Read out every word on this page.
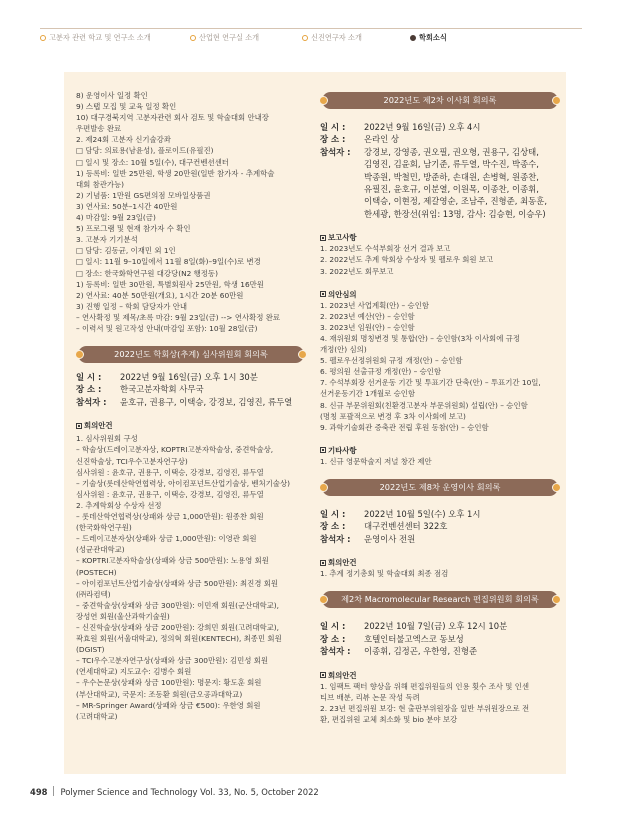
고분자 관련 학교 및 연구소 소개	산업현 연구실 소개	신진연구자 소개	학회소식
8) 운영이사 일정 확인
9) 스탭 모집 및 교육 일정 확인
10) 대구경북지역 고분자관련 회사 검토 및 학술대회 안내장
우편발송 완료
2. 제24회 고분자 신기술강좌
□ 담당: 의료용(남윤성), 플로이드(유필진)
□ 일시 및 장소: 10월 5일(수), 대구컨벤션센터
1) 등록비: 일반 25만원, 학생 20만원(일반 참가자 - 추계학술
대회 참관가능)
2) 기념품: 1만원 GS편의점 모바일상품권
3) 연사료: 50분–1시간 40만원
4) 마감일: 9월 23일(금)
5) 프로그램 및 현재 참가자 수 확인
3. 고분자 기기분석
□ 담당: 김동균, 이재민 외 1인
□ 일시: 11월 9–10일에서 11월 8일(화)–9일(수)로 변경
□ 장소: 한국화학연구원 대강당(N2 행정동)
1) 등록비: 일반 30만원, 특별회원사 25만원, 학생 16만원
2) 연사료: 40분 50만원(개요), 1시간 20분 60만원
3) 진행 일정 – 학회 담당자가 안내
– 연사확정 및 제목/초록 마감: 9월 23일(금) --> 연사확정 완료
– 이력서 및 원고작성 안내(마감일 포함): 10월 28일(금)
2022년도 학회상(추계) 심사위원회 회의록
일 시 : 2022년 9월 16일(금) 오후 1시 30분
장 소 : 한국고분자학회 사무국
참석자 : 윤호규, 권용구, 이택승, 강경보, 김영진, 류두열
회의안건
1. 심사위원회 구성
– 학술상(드레이고분자상, KOPTRI고분자학술상, 중견학술상,
신진학술상, TCI우수고분자연구상)
심사위원 : 윤호규, 권용구, 이택승, 강경보, 김영진, 류두열
– 기술상(롯데산학연협력상, 아이컴포넌트산업기술상, 벤처기술상)
심사위원 : 윤호규, 권용구, 이택승, 강경보, 김영진, 류두열
2. 추계학회상 수상자 선정
– 롯데산학연협력상(상패와 상금 1,000만원): 원종찬 회원
(한국화학연구원)
– 드레이고분자상(상패와 상금 1,000만원): 이영관 회원
(성균관대학교)
– KOPTRI고분자학술상(상패와 상금 500만원): 노용영 회원
(POSTECH)
– 아이컴포넌트산업기술상(상패와 상금 500만원): 최진경 회원
(㈜라컴텍)
– 중견학술상(상패와 상금 300만원): 이민재 회원(군산대학교),
장성연 회원(울산과학기술원)
– 신진학술상(상패와 상금 200만원): 강희민 회원(고려대학교),
곽효원 회원(서울대학교), 정의혁 회원(KENTECH), 최종민 회원
(DGIST)
– TCI우수고분자연구상(상패와 상금 300만원): 김민성 회원
(연세대학교) 지도교수: 김병수 회원
– 우수논문상(상패와 상금 100만원): 명문지: 황도훈 회원
(부산대학교), 국문지: 조동환 회원(금오공과대학교)
– MR-Springer Award(상패와 상금 €500): 우한영 회원
(고려대학교)
2022년도 제2차 이사회 회의록
일 시 : 2022년 9월 16일(금) 오후 4시
장 소 : 온라인 상
참석자 : 강경보, 강영종, 권오필, 권오형, 권용구, 김상태,
김영진, 김윤회, 남기준, 류두열, 박수진, 박종수,
박종원, 박철민, 방준하, 손대원, 손병혁, 원종찬,
유필진, 윤호규, 이분열, 이원목, 이종찬, 이종휘,
이택승, 이현정, 제갈영순, 조남주, 진형준, 최동훈,
한세광, 한장선(위임: 13명, 감사: 김승현, 이승우)
보고사항
1. 2023년도 수석부회장 선거 결과 보고
2. 2022년도 추계 학회상 수상자 및 펠로우 회원 보고
3. 2022년도 회무보고
의안심의
1. 2023년 사업계획(안) – 승인함
2. 2023년 예산(안) – 승인함
3. 2023년 임원(안) – 승인함
4. 재위원회 명칭변경 및 통합(안) – 승인함(3차 이사회에 규정
개정(안) 심의)
5. 펠로우선정위원회 규정 개정(안) – 승인함
6. 평의원 선출규정 개정(안) – 승인함
7. 수석부회장 선거운동 기간 및 투표기간 단축(안) – 투표기간 10일,
선거운동기간 1개월로 승인함
8. 신규 부문위원회(친환경고분자 부문위원회) 설립(안) – 승인함
(명칭 포괄적으로 변경 후 3차 이사회에 보고)
9. 과학기술회관 증축관 전립 후원 동참(안) – 승인함
기타사항
1. 신규 영문학술지 저널 창간 제안
2022년도 제8차 운영이사 회의록
일 시 : 2022년 10월 5일(수) 오후 1시
장 소 : 대구컨벤션센터 322호
참석자 : 운영이사 전원
회의안건
1. 추계 정기총회 및 학술대회 최종 점검
제2차 Macromolecular Research 편집위원회 회의록
일 시 : 2022년 10월 7일(금) 오후 12시 10분
장 소 : 호텔인터불고엑스코 동보성
참석자 : 이종휘, 김정곤, 우한영, 진형준
회의안건
1. 임팩트 팩터 향상을 위해 편집위원들의 인용 횟수 조사 및 인센
티브 배분, 리뷰 논문 작성 독려
2. 23년 편집위원 보강: 현 출판부위원장을 일반 부위원장으로 전
환, 편집위원 교체 최소화 및 bio 분야 보강
498 Polymer Science and Technology Vol. 33, No. 5, October 2022
